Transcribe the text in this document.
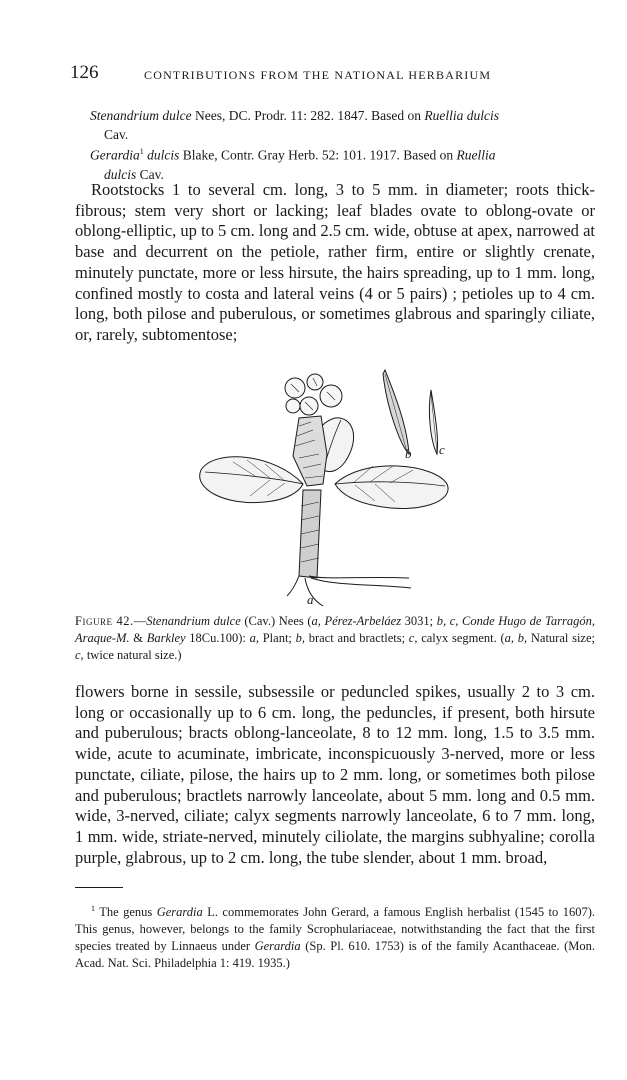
126	CONTRIBUTIONS FROM THE NATIONAL HERBARIUM
Stenandrium dulce Nees, DC. Prodr. 11: 282. 1847. Based on Ruellia dulcis
Cav.
Gerardia$^1$ dulcis Blake, Contr. Gray Herb. 52: 101. 1917. Based on Ruellia
dulcis Cav.

Rootstocks 1 to several cm. long, 3 to 5 mm. in diameter; roots thick-fibrous; stem very short or lacking; leaf blades ovate to oblong-ovate or oblong-elliptic, up to 5 cm. long and 2.5 cm. wide, obtuse at apex, narrowed at base and decurrent on the petiole, rather firm, entire or slightly crenate, minutely punctate, more or less hirsute, the hairs spreading, up to 1 mm. long, confined mostly to costa and lateral veins (4 or 5 pairs) ; petioles up to 4 cm. long, both pilose and puberulous, or sometimes glabrous and sparingly ciliate, or, rarely, subtomentose;

a
b c
Figure 42.—Stenandrium dulce (Cav.) Nees (a, Pérez-Arbeláez 3031; b, c, Conde Hugo de Tarragón, Araque-M. & Barkley 18Cu.100): a, Plant; b, bract and bractlets; c, calyx segment. (a, b, Natural size; c, twice natural size.)

flowers borne in sessile, subsessile or peduncled spikes, usually 2 to 3 cm. long or occasionally up to 6 cm. long, the peduncles, if present, both hirsute and puberulous; bracts oblong-lanceolate, 8 to 12 mm. long, 1.5 to 3.5 mm. wide, acute to acuminate, imbricate, inconspicuously 3-nerved, more or less punctate, ciliate, pilose, the hairs up to 2 mm. long, or sometimes both pilose and puberulous; bractlets narrowly lanceolate, about 5 mm. long and 0.5 mm. wide, 3-nerved, ciliate; calyx segments narrowly lanceolate, 6 to 7 mm. long, 1 mm. wide, striate-nerved, minutely ciliolate, the margins subhyaline; corolla purple, glabrous, up to 2 cm. long, the tube slender, about 1 mm. broad,

$^1$ The genus Gerardia L. commemorates John Gerard, a famous English herbalist (1545 to 1607). This genus, however, belongs to the family Scrophulariaceae, notwithstanding the fact that the first species treated by Linnaeus under Gerardia (Sp. Pl. 610. 1753) is of the family Acanthaceae. (Mon. Acad. Nat. Sci. Philadelphia 1: 419. 1935.)
